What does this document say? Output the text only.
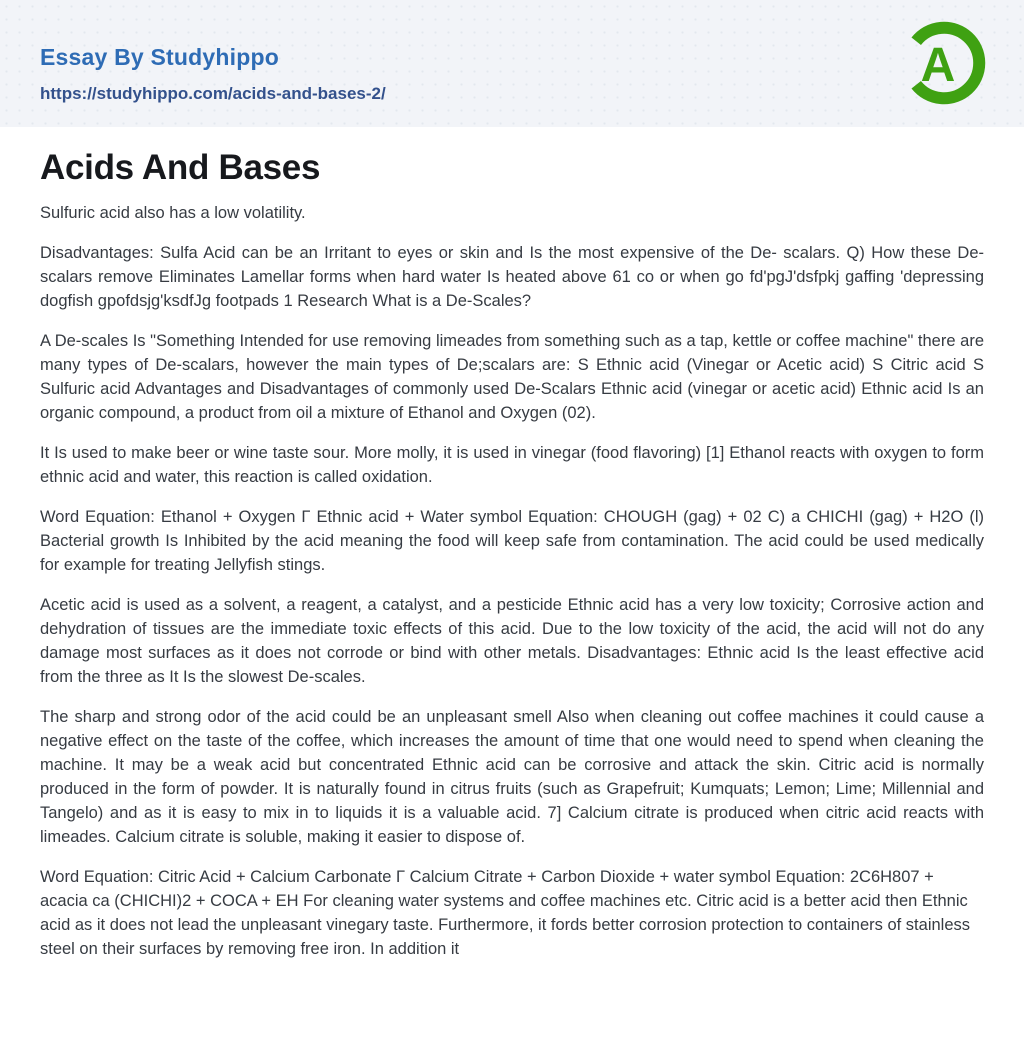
Essay By Studyhippo
https://studyhippo.com/acids-and-bases-2/
A
Acids And Bases

Sulfuric acid also has a low volatility.

Disadvantages: Sulfa Acid can be an Irritant to eyes or skin and Is the most expensive of the De- scalars. Q) How these De-scalars remove Eliminates Lamellar forms when hard water Is heated above 61 co or when go fd'pgJ'dsfpkj gaffing 'depressing dogfish gpofdsjg'ksdfJg footpads 1 Research What is a De-Scales?

A De-scales Is "Something Intended for use removing limeades from something such as a tap, kettle or coffee machine" there are many types of De-scalars, however the main types of De;scalars are: S Ethnic acid (Vinegar or Acetic acid) S Citric acid S Sulfuric acid Advantages and Disadvantages of commonly used De-Scalars Ethnic acid (vinegar or acetic acid) Ethnic acid Is an organic compound, a product from oil a mixture of Ethanol and Oxygen (02).

It Is used to make beer or wine taste sour. More molly, it is used in vinegar (food flavoring) [1] Ethanol reacts with oxygen to form ethnic acid and water, this reaction is called oxidation.

Word Equation: Ethanol + Oxygen Γ Ethnic acid + Water symbol Equation: CHOUGH (gag) + 02 C) a CHICHI (gag) + H2O (l) Bacterial growth Is Inhibited by the acid meaning the food will keep safe from contamination. The acid could be used medically for example for treating Jellyfish stings.

Acetic acid is used as a solvent, a reagent, a catalyst, and a pesticide Ethnic acid has a very low toxicity; Corrosive action and dehydration of tissues are the immediate toxic effects of this acid. Due to the low toxicity of the acid, the acid will not do any damage most surfaces as it does not corrode or bind with other metals. Disadvantages: Ethnic acid Is the least effective acid from the three as It Is the slowest De-scales.

The sharp and strong odor of the acid could be an unpleasant smell Also when cleaning out coffee machines it could cause a negative effect on the taste of the coffee, which increases the amount of time that one would need to spend when cleaning the machine. It may be a weak acid but concentrated Ethnic acid can be corrosive and attack the skin. Citric acid is normally produced in the form of powder. It is naturally found in citrus fruits (such as Grapefruit; Kumquats; Lemon; Lime; Millennial and Tangelo) and as it is easy to mix in to liquids it is a valuable acid. 7] Calcium citrate is produced when citric acid reacts with limeades. Calcium citrate is soluble, making it easier to dispose of.

Word Equation: Citric Acid + Calcium Carbonate Γ Calcium Citrate + Carbon Dioxide + water symbol Equation: 2C6H807 + acacia ca (CHICHI)2 + COCA + EH For cleaning water systems and coffee machines etc. Citric acid is a better acid then Ethnic acid as it does not lead the unpleasant vinegary taste. Furthermore, it fords better corrosion protection to containers of stainless steel on their surfaces by removing free iron. In addition it
